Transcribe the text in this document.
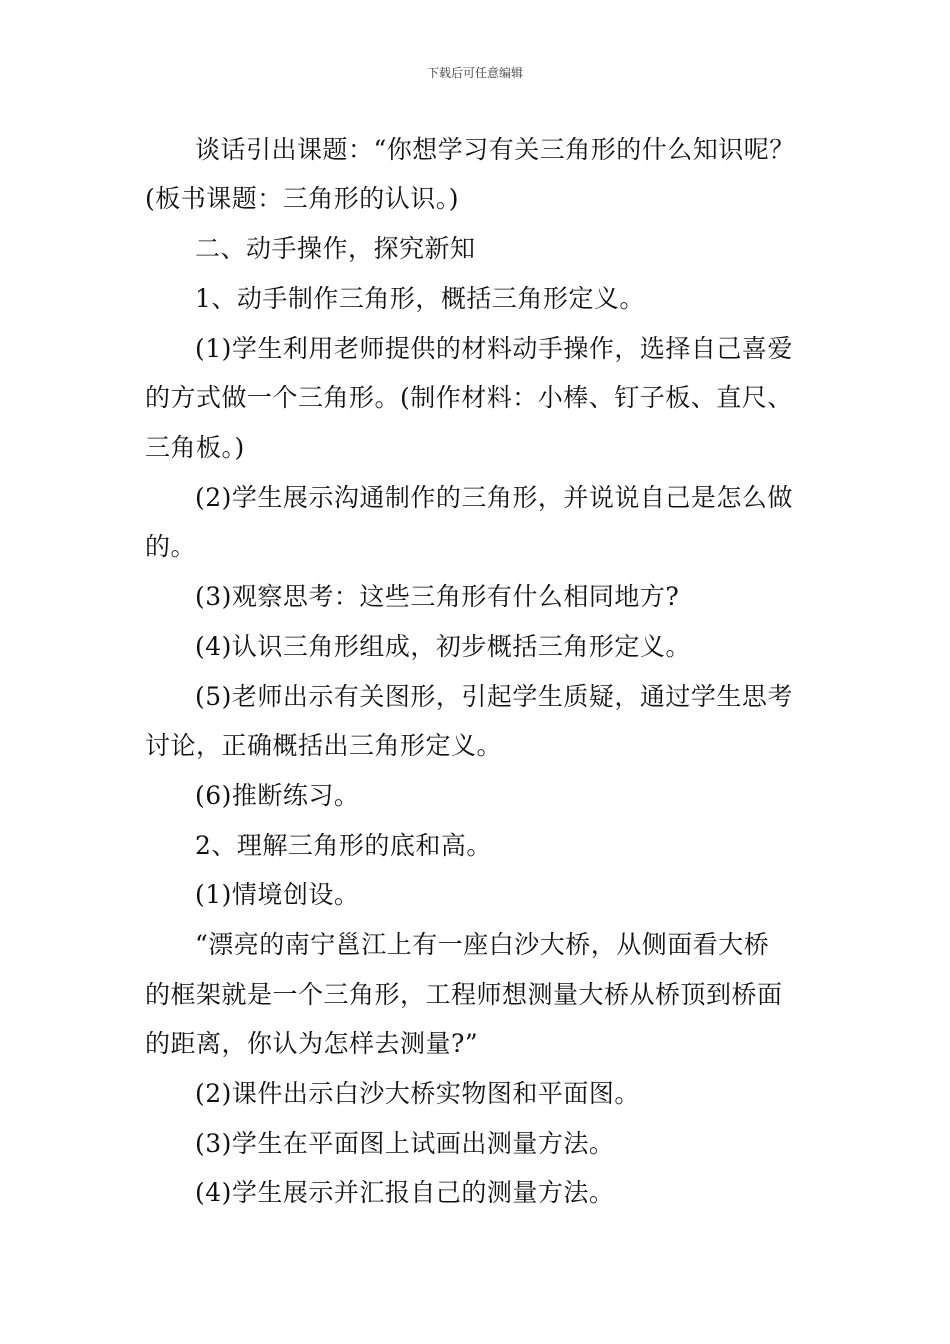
下载后可任意编辑
谈话引出课题：“你想学习有关三角形的什么知识呢？
(板书课题：三角形的认识。)
二、动手操作，探究新知
1、动手制作三角形，概括三角形定义。
(1)学生利用老师提供的材料动手操作，选择自己喜爱
的方式做一个三角形。(制作材料：小棒、钉子板、直尺、
三角板。)
(2)学生展示沟通制作的三角形，并说说自己是怎么做
的。
(3)观察思考：这些三角形有什么相同地方?
(4)认识三角形组成，初步概括三角形定义。
(5)老师出示有关图形，引起学生质疑，通过学生思考
讨论，正确概括出三角形定义。
(6)推断练习。
2、理解三角形的底和高。
(1)情境创设。
“漂亮的南宁邕江上有一座白沙大桥，从侧面看大桥
的框架就是一个三角形，工程师想测量大桥从桥顶到桥面
的距离，你认为怎样去测量?”
(2)课件出示白沙大桥实物图和平面图。
(3)学生在平面图上试画出测量方法。
(4)学生展示并汇报自己的测量方法。
